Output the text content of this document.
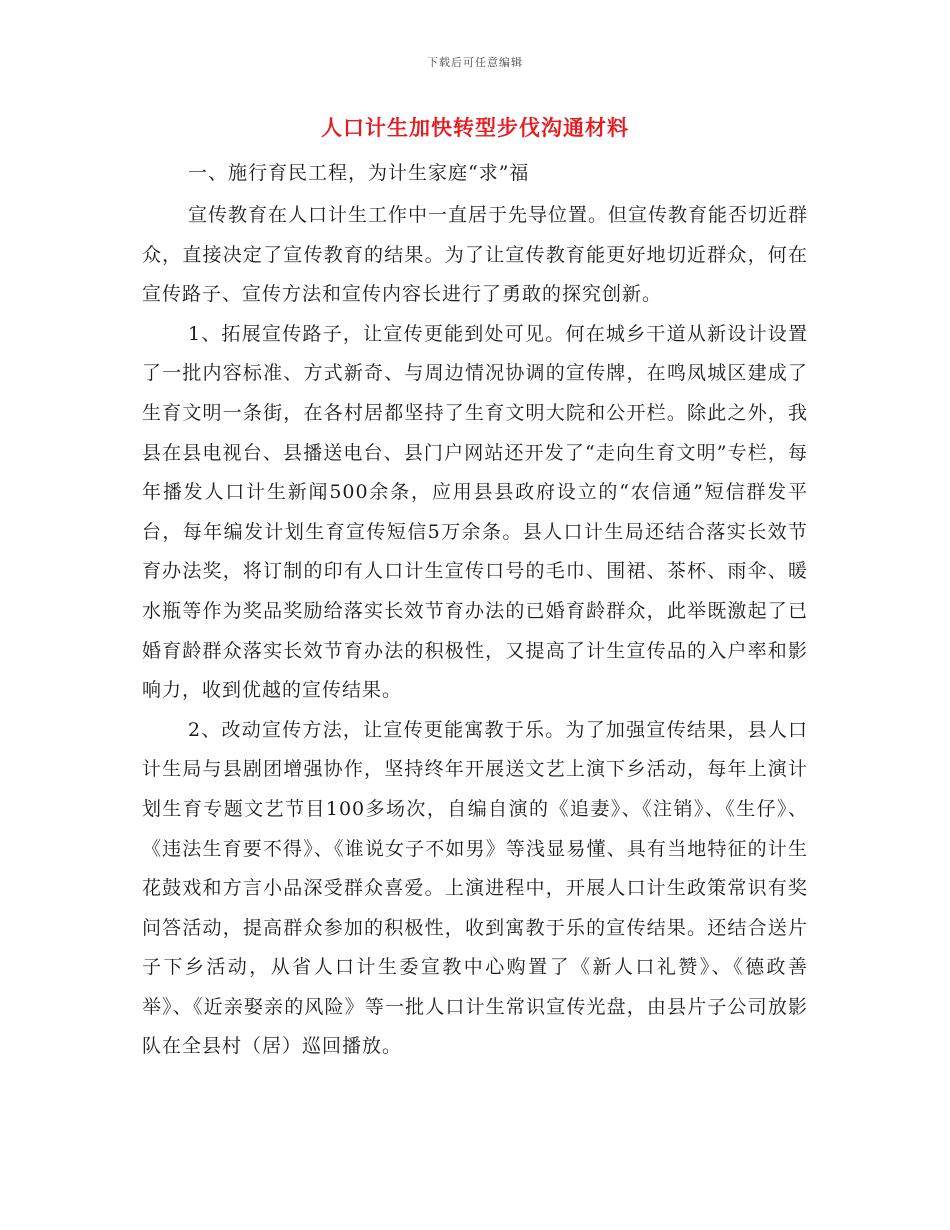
下载后可任意编辑
人口计生加快转型步伐沟通材料
一、施行育民工程，为计生家庭“求”福

宣传教育在人口计生工作中一直居于先导位置。但宣传教育能否切近群众，直接决定了宣传教育的结果。为了让宣传教育能更好地切近群众，何在宣传路子、宣传方法和宣传内容长进行了勇敢的探究创新。

1、拓展宣传路子，让宣传更能到处可见。何在城乡干道从新设计设置了一批内容标准、方式新奇、与周边情况协调的宣传牌，在鸣凤城区建成了生育文明一条街，在各村居都坚持了生育文明大院和公开栏。除此之外，我县在县电视台、县播送电台、县门户网站还开发了“走向生育文明”专栏，每年播发人口计生新闻500余条，应用县县政府设立的“农信通”短信群发平台，每年编发计划生育宣传短信5万余条。县人口计生局还结合落实长效节育办法奖，将订制的印有人口计生宣传口号的毛巾、围裙、茶杯、雨伞、暖水瓶等作为奖品奖励给落实长效节育办法的已婚育龄群众，此举既激起了已婚育龄群众落实长效节育办法的积极性，又提高了计生宣传品的入户率和影响力，收到优越的宣传结果。

2、改动宣传方法，让宣传更能寓教于乐。为了加强宣传结果，县人口计生局与县剧团增强协作，坚持终年开展送文艺上演下乡活动，每年上演计划生育专题文艺节目100多场次，自编自演的《追妻》、《注销》、《生仔》、《违法生育要不得》、《谁说女子不如男》等浅显易懂、具有当地特征的计生花鼓戏和方言小品深受群众喜爱。上演进程中，开展人口计生政策常识有奖问答活动，提高群众参加的积极性，收到寓教于乐的宣传结果。还结合送片子下乡活动，从省人口计生委宣教中心购置了《新人口礼赞》、《德政善举》、《近亲娶亲的风险》等一批人口计生常识宣传光盘，由县片子公司放影队在全县村（居）巡回播放。
